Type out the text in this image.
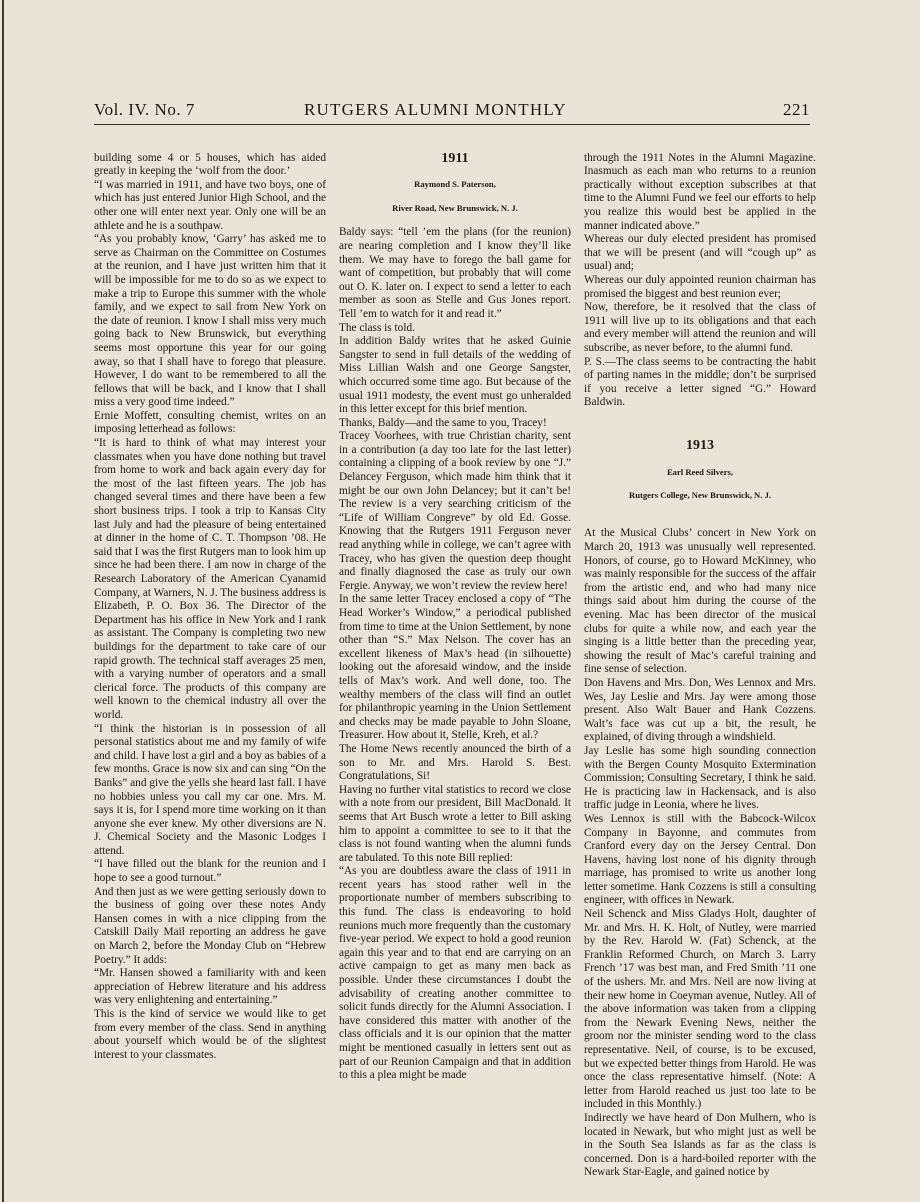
Vol. IV. No. 7	RUTGERS ALUMNI MONTHLY	221

building some 4 or 5 houses, which has aided greatly in keeping the ‘wolf from the door.’
“I was married in 1911, and have two boys, one of which has just entered Junior High School, and the other one will enter next year. Only one will be an athlete and he is a southpaw.
“As you probably know, ‘Garry’ has asked me to serve as Chairman on the Committee on Costumes at the reunion, and I have just written him that it will be impossible for me to do so as we expect to make a trip to Europe this summer with the whole family, and we expect to sail from New York on the date of reunion. I know I shall miss very much going back to New Brunswick, but everything seems most opportune this year for our going away, so that I shall have to forego that pleasure. However, I do want to be remembered to all the fellows that will be back, and I know that I shall miss a very good time indeed.”
Ernie Moffett, consulting chemist, writes on an imposing letterhead as follows:
“It is hard to think of what may interest your classmates when you have done nothing but travel from home to work and back again every day for the most of the last fifteen years. The job has changed several times and there have been a few short business trips. I took a trip to Kansas City last July and had the pleasure of being entertained at dinner in the home of C. T. Thompson ’08. He said that I was the first Rutgers man to look him up since he had been there. I am now in charge of the Research Laboratory of the American Cyanamid Company, at Warners, N. J. The business address is Elizabeth, P. O. Box 36. The Director of the Department has his office in New York and I rank as assistant. The Company is completing two new buildings for the department to take care of our rapid growth. The technical staff averages 25 men, with a varying number of operators and a small clerical force. The products of this company are well known to the chemical industry all over the world.
“I think the historian is in possession of all personal statistics about me and my family of wife and child. I have lost a girl and a boy as babies of a few months. Grace is now six and can sing “On the Banks” and give the yells she heard last fall. I have no hobbies unless you call my car one. Mrs. M. says it is, for I spend more time working on it than anyone she ever knew. My other diversions are N. J. Chemical Society and the Masonic Lodges I attend.
“I have filled out the blank for the reunion and I hope to see a good turnout.”
And then just as we were getting seriously down to the business of going over these notes Andy Hansen comes in with a nice clipping from the Catskill Daily Mail reporting an address he gave on March 2, before the Monday Club on “Hebrew Poetry.” It adds:
“Mr. Hansen showed a familiarity with and keen appreciation of Hebrew literature and his address was very enlightening and entertaining.”
This is the kind of service we would like to get from every member of the class. Send in anything about yourself which would be of the slightest interest to your classmates.

1911

Raymond S. Paterson,

River Road, New Brunswick, N. J.

Baldy says: “tell ’em the plans (for the reunion) are nearing completion and I know they’ll like them. We may have to forego the ball game for want of competition, but probably that will come out O. K. later on. I expect to send a letter to each member as soon as Stelle and Gus Jones report. Tell ’em to watch for it and read it.”
The class is told.
In addition Baldy writes that he asked Guinie Sangster to send in full details of the wedding of Miss Lillian Walsh and one George Sangster, which occurred some time ago. But because of the usual 1911 modesty, the event must go unheralded in this letter except for this brief mention.
Thanks, Baldy—and the same to you, Tracey!
Tracey Voorhees, with true Christian charity, sent in a contribution (a day too late for the last letter) containing a clipping of a book review by one “J.” Delancey Ferguson, which made him think that it might be our own John Delancey; but it can’t be! The review is a very searching criticism of the “Life of William Congreve” by old Ed. Gosse. Knowing that the Rutgers 1911 Ferguson never read anything while in college, we can’t agree with Tracey, who has given the question deep thought and finally diagnosed the case as truly our own Fergie. Anyway, we won’t review the review here!
In the same letter Tracey enclosed a copy of “The Head Worker’s Window,” a periodical published from time to time at the Union Settlement, by none other than “S.” Max Nelson. The cover has an excellent likeness of Max’s head (in silhouette) looking out the aforesaid window, and the inside tells of Max’s work. And well done, too. The wealthy members of the class will find an outlet for philanthropic yearning in the Union Settlement and checks may be made payable to John Sloane, Treasurer. How about it, Stelle, Kreh, et al.?
The Home News recently anounced the birth of a son to Mr. and Mrs. Harold S. Best. Congratulations, Si!
Having no further vital statistics to record we close with a note from our president, Bill MacDonald. It seems that Art Busch wrote a letter to Bill asking him to appoint a committee to see to it that the class is not found wanting when the alumni funds are tabulated. To this note Bill replied:
“As you are doubtless aware the class of 1911 in recent years has stood rather well in the proportionate number of members subscribing to this fund. The class is endeavoring to hold reunions much more frequently than the customary five-year period. We expect to hold a good reunion again this year and to that end are carrying on an active campaign to get as many men back as possible. Under these circumstances I doubt the advisability of creating another committee to solicit funds directly for the Alumni Association. I have considered this matter with another of the class officials and it is our opinion that the matter might be mentioned casually in letters sent out as part of our Reunion Campaign and that in addition to this a plea might be made

through the 1911 Notes in the Alumni Magazine. Inasmuch as each man who returns to a reunion practically without exception subscribes at that time to the Alumni Fund we feel our efforts to help you realize this would best be applied in the manner indicated above.”
Whereas our duly elected president has promised that we will be present (and will “cough up” as usual) and;
Whereas our duly appointed reunion chairman has promised the biggest and best reunion ever;
Now, therefore, be it resolved that the class of 1911 will live up to its obligations and that each and every member will attend the reunion and will subscribe, as never before, to the alumni fund.
P. S.—The class seems to be contracting the habit of parting names in the middle; don’t be surprised if you receive a letter signed “G.” Howard Baldwin.

1913

Earl Reed Silvers,

Rutgers College, New Brunswick, N. J.

At the Musical Clubs’ concert in New York on March 20, 1913 was unusually well represented. Honors, of course, go to Howard McKinney, who was mainly responsible for the success of the affair from the artistic end, and who had many nice things said about him during the course of the evening. Mac has been director of the musical clubs for quite a while now, and each year the singing is a little better than the preceding year, showing the result of Mac’s careful training and fine sense of selection.
Don Havens and Mrs. Don, Wes Lennox and Mrs. Wes, Jay Leslie and Mrs. Jay were among those present. Also Walt Bauer and Hank Cozzens. Walt’s face was cut up a bit, the result, he explained, of diving through a windshield.
Jay Leslie has some high sounding connection with the Bergen County Mosquito Extermination Commission; Consulting Secretary, I think he said. He is practicing law in Hackensack, and is also traffic judge in Leonia, where he lives.
Wes Lennox is still with the Babcock-Wilcox Company in Bayonne, and commutes from Cranford every day on the Jersey Central. Don Havens, having lost none of his dignity through marriage, has promised to write us another long letter sometime. Hank Cozzens is still a consulting engineer, with offices in Newark.
Neil Schenck and Miss Gladys Holt, daughter of Mr. and Mrs. H. K. Holt, of Nutley, were married by the Rev. Harold W. (Fat) Schenck, at the Franklin Reformed Church, on March 3. Larry French ’17 was best man, and Fred Smith ’11 one of the ushers. Mr. and Mrs. Neil are now living at their new home in Coeyman avenue, Nutley. All of the above information was taken from a clipping from the Newark Evening News, neither the groom nor the minister sending word to the class representative. Neil, of course, is to be excused, but we expected better things from Harold. He was once the class representative himself. (Note: A letter from Harold reached us just too late to be included in this Monthly.)
Indirectly we have heard of Don Mulhern, who is located in Newark, but who might just as well be in the South Sea Islands as far as the class is concerned. Don is a hard-boiled reporter with the Newark Star-Eagle, and gained notice by
